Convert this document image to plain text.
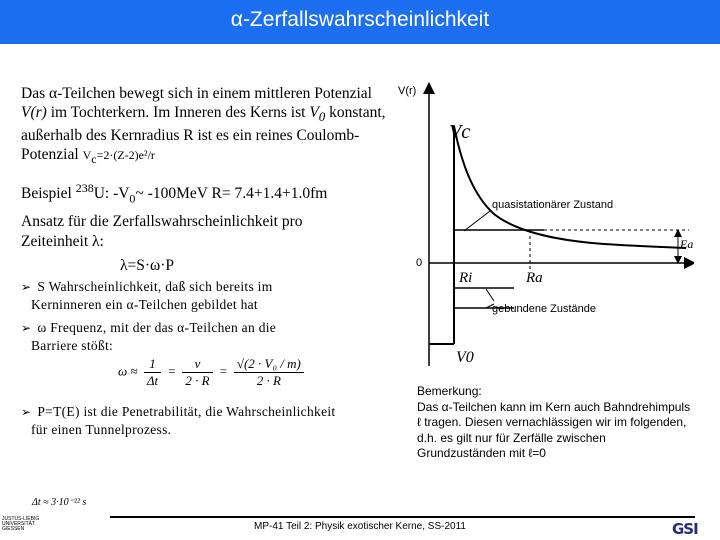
α-Zerfallswahrscheinlichkeit
Das α-Teilchen bewegt sich in einem mittleren Potenzial V(r) im Tochterkern. Im Inneren des Kerns ist $V_0$ konstant, außerhalb des Kernradius R ist es ein reines Coulomb-Potenzial $V_c=2\cdot(Z-2)e^2/r$
Beispiel $^{238}$U: $-V_0\sim$ -100MeV R= 7.4+1.4+1.0fm
Ansatz für die Zerfallswahrscheinlichkeit pro
Zeiteinheit λ:
λ=S·ω·P
➢ S Wahrscheinlichkeit, daß sich bereits im
Kerninneren ein α-Teilchen gebildet hat
➢ ω Frequenz, mit der das α-Teilchen an die
Barriere stößt:
$\omega \approx \frac{1}{\Delta t} = \frac{v}{2 \cdot R} = \frac{\text{√(2 · V₀ / m)}}{2 \cdot R}$
➢ P=T(E) ist die Penetrabilität, die Wahrscheinlichkeit
für einen Tunnelprozess.
Δt ≈ 3·10⁻²² s
V(r)
Vc
quasistationärer Zustand
Ea
0
Ri	Ra
gebundene Zustände
V0
Bemerkung:
Das α-Teilchen kann im Kern auch Bahndrehimpuls
ℓ tragen. Diesen vernachlässigen wir im folgenden,
d.h. es gilt nur für Zerfälle zwischen
Grundzuständen mit ℓ=0
JUSTUS-LIEBIG
UNIVERSITÄT
GIESSEN	MP-41 Teil 2: Physik exotischer Kerne, SS-2011	GSI
